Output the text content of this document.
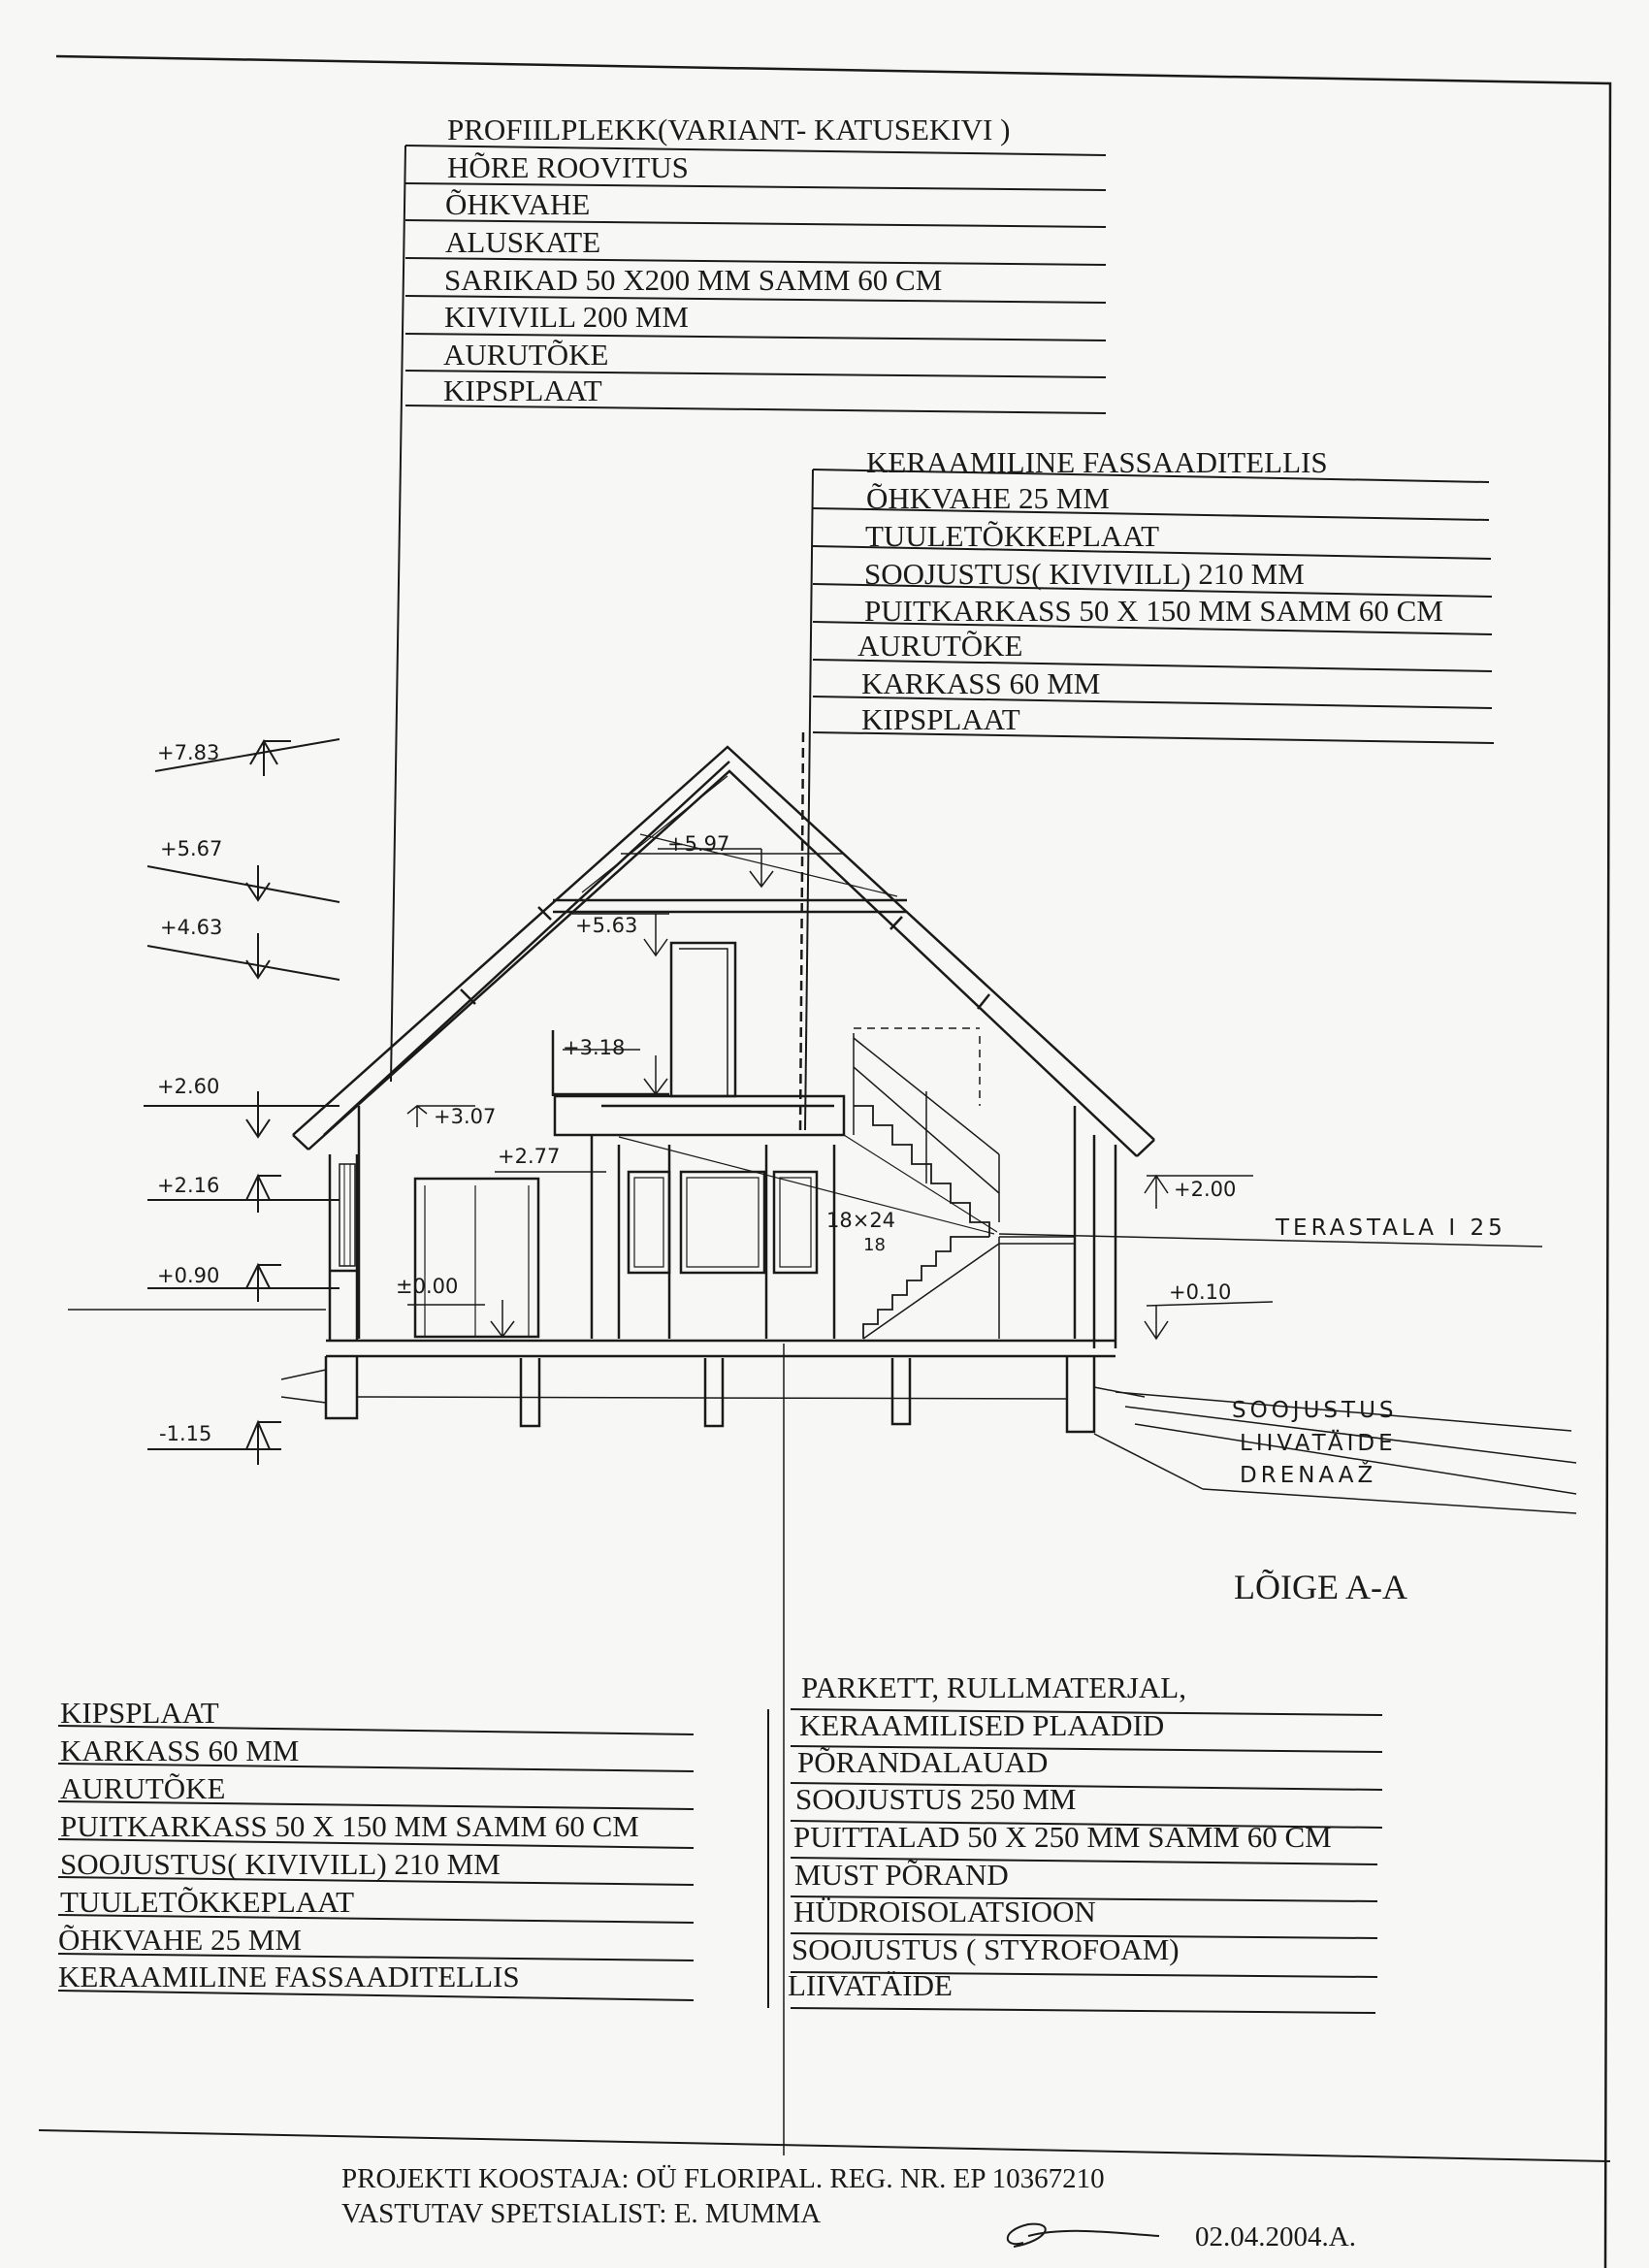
PROFIILPLEKK(VARIANT- KATUSEKIVI )
HÕRE ROOVITUS
ÕHKVAHE
ALUSKATE
SARIKAD 50 X200 MM SAMM 60 CM
KIVIVILL 200 MM
AURUTÕKE
KIPSPLAAT
KERAAMILINE FASSAADITELLIS
ÕHKVAHE 25 MM
TUULETÕKKEPLAAT
SOOJUSTUS( KIVIVILL) 210 MM
PUITKARKASS 50 X 150 MM SAMM 60 CM
AURUTÕKE
KARKASS 60 MM
KIPSPLAAT
+7.83
+5.67
+4.63
+2.60
+2.16
+0.90
-1.15
+5.97
+5.63
+3.18
+3.07
+2.77
±0.00
+2.00
+0.10
18×24
18
TERASTALA I 25
SOOJUSTUS
LIIVATÄIDE
DRENAAŽ
LÕIGE A-A
KIPSPLAAT
KARKASS 60 MM
AURUTÕKE
PUITKARKASS 50 X 150 MM SAMM 60 CM
SOOJUSTUS( KIVIVILL) 210 MM
TUULETÕKKEPLAAT
ÕHKVAHE 25 MM
KERAAMILINE FASSAADITELLIS
PARKETT, RULLMATERJAL,
KERAAMILISED PLAADID
PÕRANDALAUAD
SOOJUSTUS 250 MM
PUITTALAD 50 X 250 MM SAMM 60 CM
MUST PÕRAND
HÜDROISOLATSIOON
SOOJUSTUS ( STYROFOAM)
LIIVATÄIDE
PROJEKTI KOOSTAJA: OÜ FLORIPAL. REG. NR. EP 10367210
VASTUTAV SPETSIALIST: E. MUMMA
02.04.2004.A.
